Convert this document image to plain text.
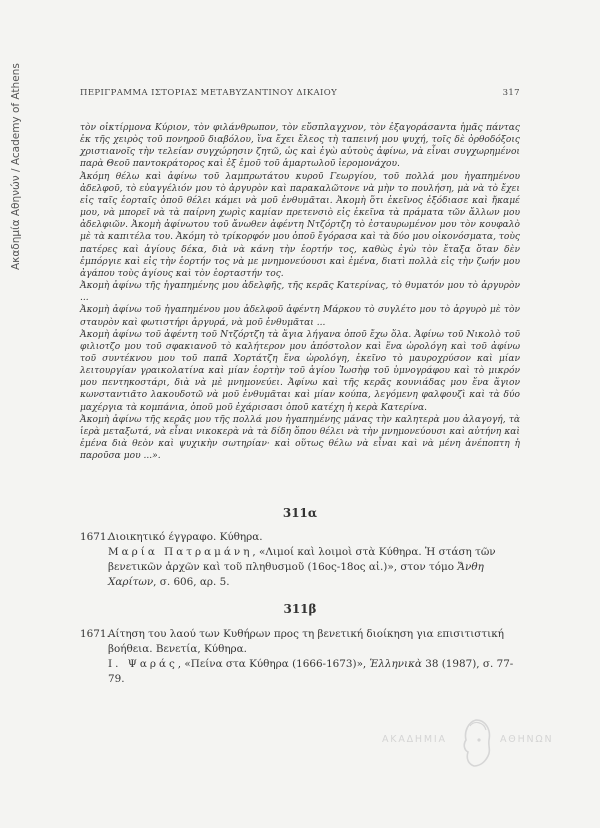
Ακαδημία Αθηνών / Academy of Athens	ΠΕΡΙΓΡΑΜΜΑ ΙΣΤΟΡΙΑΣ ΜΕΤΑΒΥΖΑΝΤΙΝΟΥ ΔΙΚΑΙΟΥ	317

τὸν οἰκτίρμονα Κύριον, τὸν φιλάνθρωπον, τὸν εὔσπλαγχνον, τὸν ἐξαγοράσαντα ἡμᾶς πάντας ἐκ τῆς χειρὸς τοῦ πονηροῦ διαβόλου, ἵνα ἔχει ἔλεος τὴ ταπεινή μου ψυχή, τοῖς δὲ ὀρθοδόξοις χριστιανοῖς τὴν τελείαν συγχώρησιν ζητῶ, ὡς καὶ ἐγὼ αὐτοὺς ἀφίνω, νὰ εἶναι συγχωρημένοι παρὰ Θεοῦ παντοκράτορος καὶ ἐξ ἐμοῦ τοῦ ἁμαρτωλοῦ ἱερομονάχου.

Ἀκόμη θέλω καὶ ἀφίνω τοῦ λαμπρωτάτου κυροῦ Γεωργίου, τοῦ πολλά μου ἠγαπημένου ἀδελφοῦ, τὸ εὐαγγέλιόν μου τὸ ἀργυρὸν καὶ παρακαλῶτονε νὰ μὴν το πουλήση, μὰ νὰ τὸ ἔχει εἰς ταῖς ἑορταῖς ὁποῦ θέλει κάμει νὰ μοῦ ἐνθυμᾶται. Ἀκομὴ ὅτι ἐκεῖνος ἐξόδιασε καὶ ἤκαμέ μου, νὰ μπορεῖ νὰ τὰ παίρνη χωρὶς καμίαν πρετενσιὸ εἰς ἐκεῖνα τὰ πράματα τῶν ἄλλων μου ἀδελφιῶν. Ἀκομὴ ἀφίνωτου τοῦ ἄνωθεν ἀφέντη Ντζόρτζη τὸ ἐσταυρωμένον μου τὸν κουφαλὸ μὲ τὰ καπιτέλα του. Ἀκόμη τὸ τρίκορφόν μου ὁποῦ ἔγόρασα καὶ τὰ δύο μου οἰκονόσματα, τοὺς πατέρες καὶ ἁγίους δέκα, διὰ νὰ κάνη τὴν ἑορτήν τος, καθὼς ἐγὼ τὸν ἔταξα ὅταν δὲν ἐμπόργιε καὶ εἰς τὴν ἑορτήν τος νὰ με μνημονεύουσι καὶ ἐμένα, διατὶ πολλὰ εἰς τὴν ζωήν μου ἀγάπου τοὺς ἁγίους καὶ τὸν ἑορταστήν τος.

Ἀκομὴ ἀφίνω τῆς ἠγαπημένης μου ἀδελφῆς, τῆς κερᾶς Κατερίνας, τὸ θυματόν μου τὸ ἀργυρὸν ...

Ἀκομὴ ἀφίνω τοῦ ἠγαπημένου μου ἀδελφοῦ ἀφέντη Μάρκου τὸ συγλέτο μου τὸ ἀργυρὸ μὲ τὸν σταυρὸν καὶ φωτιστήρι ἀργυρά, νὰ μοῦ ἐνθυμᾶται ...

Ἀκομὴ ἀφίνω τοῦ ἀφέντη τοῦ Ντζόρτζη τὰ ἅγια λήγανα ὁποῦ ἔχω ὅλα. Ἀφίνω τοῦ Νικολὸ τοῦ φιλιοτζο μου τοῦ σφακιανοῦ τὸ καλήτερον μου ἀπόστολον καὶ ἕνα ὡρολόγη καὶ τοῦ ἀφίνω τοῦ συντέκνου μου τοῦ παπᾶ Χορτάτζη ἕνα ὡρολόγη, ἐκεῖνο τὸ μαυροχρύσον καὶ μίαν λειτουργίαν γραικολατίνα καὶ μίαν ἑορτὴν τοῦ ἁγίου Ἰωσὴφ τοῦ ὑμνογράφου καὶ τὸ μικρόν μου πεντηκοστάρι, διὰ νὰ μὲ μνημονεύει. Ἀφίνω καὶ τῆς κερᾶς κουνιάδας μου ἕνα ἅγιον κωνσταντιᾶτο λακουδοτῶ νὰ μοῦ ἐνθυμᾶται καὶ μίαν κούπα, λεγόμενη φαλφουζὶ καὶ τὰ δύο μαχέργια τὰ κομπάνια, ὁποῦ μοῦ ἐχάρισασι ὁποῦ κατέχη ἡ κερὰ Κατερίνα.

Ἀκομὴ ἀφίνω τῆς κερᾶς μου τῆς πολλά μου ἠγαπημένης μάνας τὴν καλητερὰ μου ἀλαγογή, τὰ ἱερὰ μεταξωτά, νὰ εἶναι νικοκερὰ νὰ τὰ δίδη ὅπου θέλει νὰ τὴν μνημονεύουσι καὶ αὐτήνη καὶ ἐμένα διὰ θεὸν καὶ ψυχικὴν σωτηρίαν· καὶ οὕτως θέλω νὰ εἶναι καὶ νὰ μένη ἀνέποπτη ἡ παροῦσα μου ...».

311α
1671.
Διοικητικό έγγραφο. Κύθηρα.
Μαρία Πατραμάνη, «Λιμοί καὶ λοιμοὶ στὰ Κύθηρα. Ἡ στάση τῶν βενετικῶν ἀρχῶν καὶ τοῦ πληθυσμοῦ (16ος-18ος αἰ.)», στον τόμο Ἄνθη Χαρίτων, σ. 606, αρ. 5.
311β
1671.
Αίτηση του λαού των Κυθήρων προς τη βενετική διοίκηση για επισιτιστική βοήθεια. Βενετία, Κύθηρα.
Ι. Ψαράς, «Πείνα στα Κύθηρα (1666-1673)», Ἑλληνικὰ 38 (1987), σ. 77-79.
ΑΚΑΔΗΜΙΑ	ΑΘΗΝΩΝ
